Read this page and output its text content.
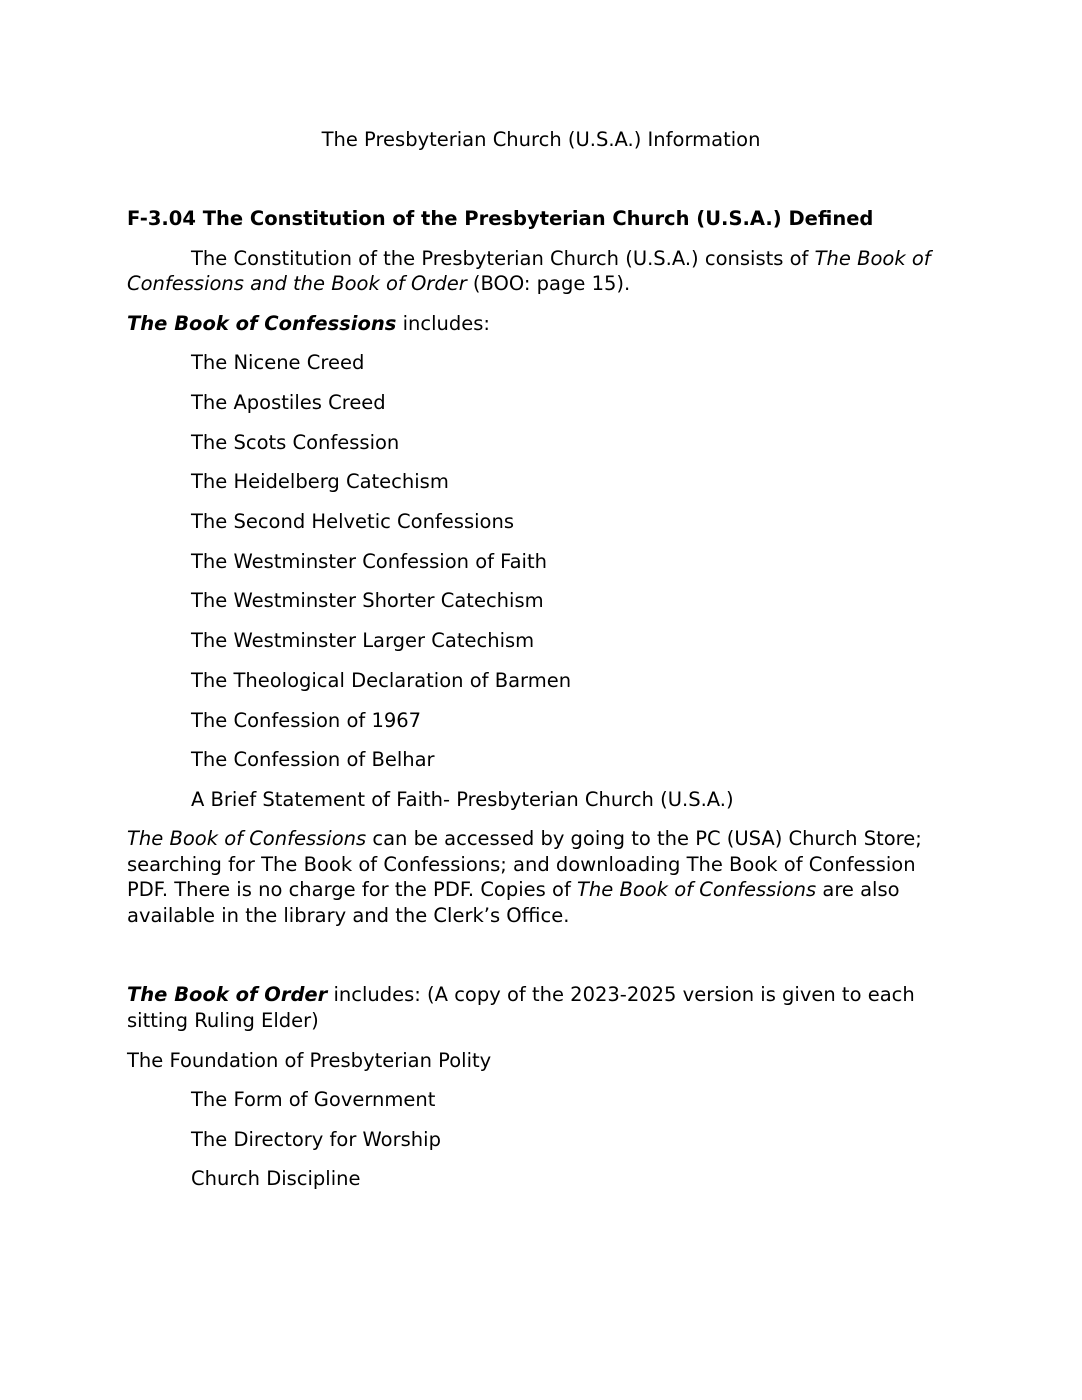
The Presbyterian Church (U.S.A.) Information
F-3.04 The Constitution of the Presbyterian Church (U.S.A.) Defined
The Constitution of the Presbyterian Church (U.S.A.) consists of The Book of
Confessions and the Book of Order (BOO: page 15).
The Book of Confessions includes:
The Nicene Creed
The Apostiles Creed
The Scots Confession
The Heidelberg Catechism
The Second Helvetic Confessions
The Westminster Confession of Faith
The Westminster Shorter Catechism
The Westminster Larger Catechism
The Theological Declaration of Barmen
The Confession of 1967
The Confession of Belhar
A Brief Statement of Faith- Presbyterian Church (U.S.A.)
The Book of Confessions can be accessed by going to the PC (USA) Church Store;
searching for The Book of Confessions; and downloading The Book of Confession
PDF. There is no charge for the PDF. Copies of The Book of Confessions are also
available in the library and the Clerk’s Office.
The Book of Order includes: (A copy of the 2023-2025 version is given to each
sitting Ruling Elder)
The Foundation of Presbyterian Polity
The Form of Government
The Directory for Worship
Church Discipline
